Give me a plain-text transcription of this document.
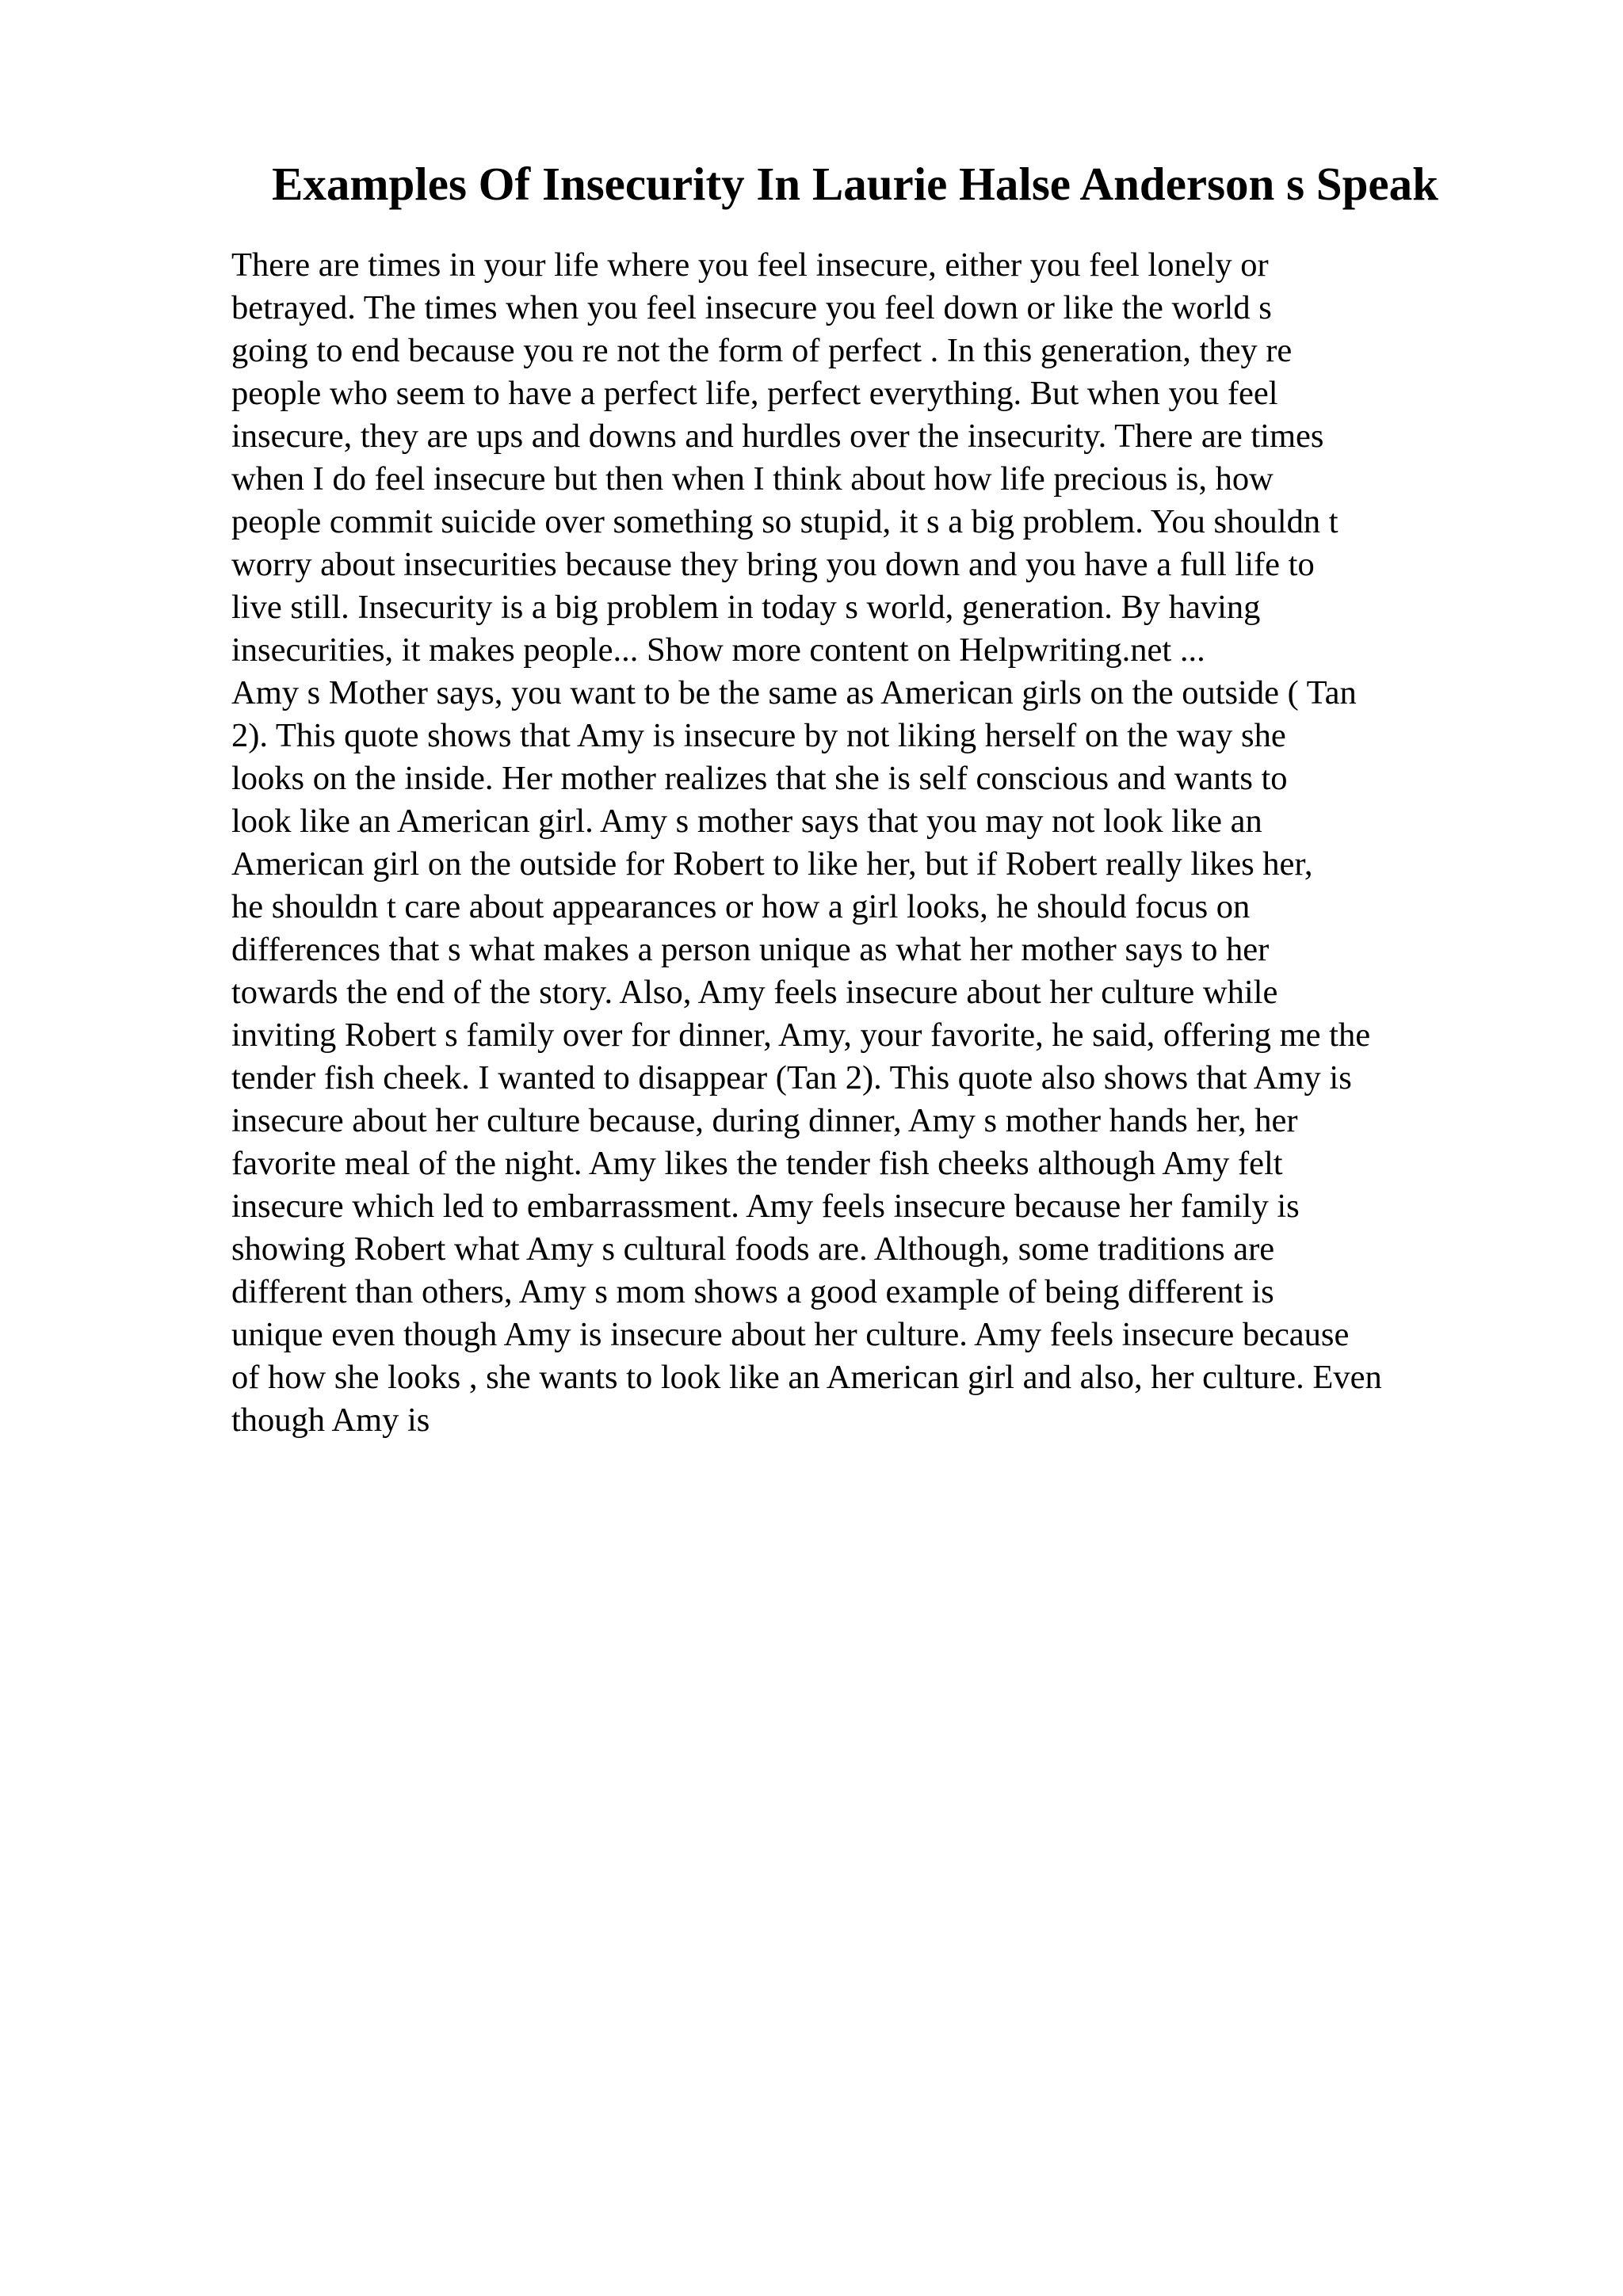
Examples Of Insecurity In Laurie Halse Anderson s Speak
There are times in your life where you feel insecure, either you feel lonely or
betrayed. The times when you feel insecure you feel down or like the world s
going to end because you re not the form of perfect . In this generation, they re
people who seem to have a perfect life, perfect everything. But when you feel
insecure, they are ups and downs and hurdles over the insecurity. There are times
when I do feel insecure but then when I think about how life precious is, how
people commit suicide over something so stupid, it s a big problem. You shouldn t
worry about insecurities because they bring you down and you have a full life to
live still. Insecurity is a big problem in today s world, generation. By having
insecurities, it makes people... Show more content on Helpwriting.net ...
Amy s Mother says, you want to be the same as American girls on the outside ( Tan
2). This quote shows that Amy is insecure by not liking herself on the way she
looks on the inside. Her mother realizes that she is self conscious and wants to
look like an American girl. Amy s mother says that you may not look like an
American girl on the outside for Robert to like her, but if Robert really likes her,
he shouldn t care about appearances or how a girl looks, he should focus on
differences that s what makes a person unique as what her mother says to her
towards the end of the story. Also, Amy feels insecure about her culture while
inviting Robert s family over for dinner, Amy, your favorite, he said, offering me the
tender fish cheek. I wanted to disappear (Tan 2). This quote also shows that Amy is
insecure about her culture because, during dinner, Amy s mother hands her, her
favorite meal of the night. Amy likes the tender fish cheeks although Amy felt
insecure which led to embarrassment. Amy feels insecure because her family is
showing Robert what Amy s cultural foods are. Although, some traditions are
different than others, Amy s mom shows a good example of being different is
unique even though Amy is insecure about her culture. Amy feels insecure because
of how she looks , she wants to look like an American girl and also, her culture. Even
though Amy is
